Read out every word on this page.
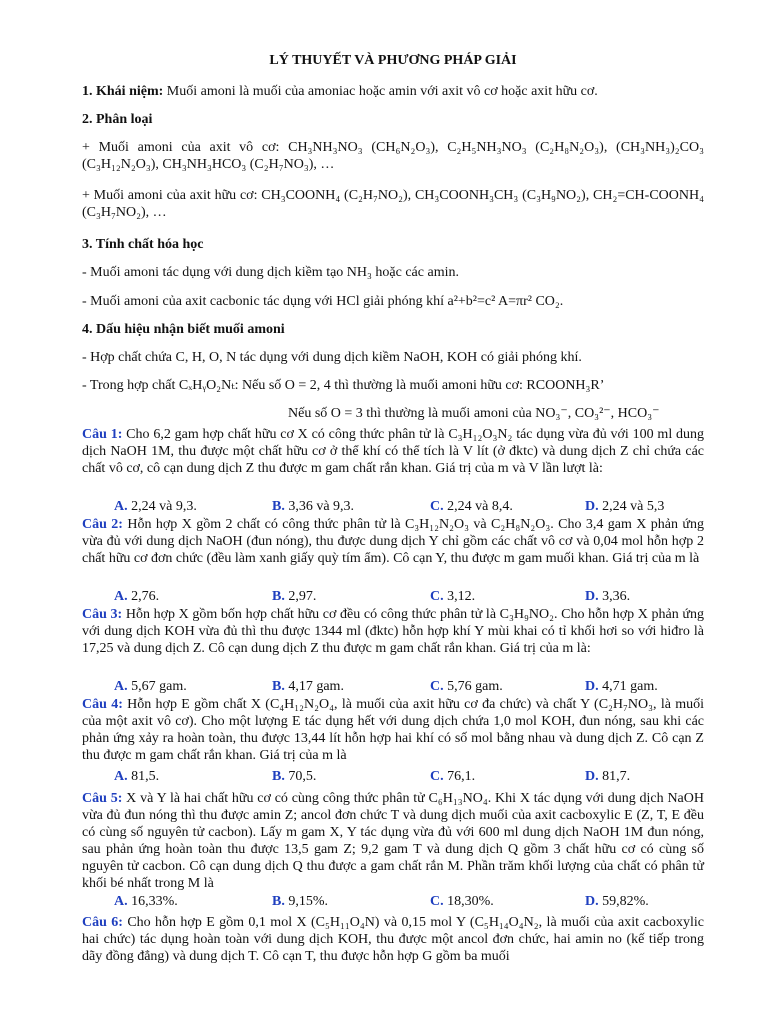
LÝ THUYẾT VÀ PHƯƠNG PHÁP GIẢI
1. Khái niệm: Muối amoni là muối của amoniac hoặc amin với axit vô cơ hoặc axit hữu cơ.
2. Phân loại
+ Muối amoni của axit vô cơ: CH₃NH₃NO₃ (CH₆N₂O₃), C₂H₅NH₃NO₃ (C₂H₈N₂O₃), (CH₃NH₃)₂CO₃ (C₃H₁₂N₂O₃), CH₃NH₃HCO₃ (C₂H₇NO₃), …
+ Muối amoni của axit hữu cơ: CH₃COONH₄ (C₂H₇NO₂), CH₃COONH₃CH₃ (C₃H₉NO₂), CH₂=CH-COONH₄ (C₃H₇NO₂), …
3. Tính chất hóa học
- Muối amoni tác dụng với dung dịch kiềm tạo NH₃ hoặc các amin.
- Muối amoni của axit cacbonic tác dụng với HCl giải phóng khí a²+b²=c² A=πr² CO₂.
4. Dấu hiệu nhận biết muối amoni
- Hợp chất chứa C, H, O, N tác dụng với dung dịch kiềm NaOH, KOH có giải phóng khí.
- Trong hợp chất CₓHᵧO₂Nₜ: Nếu số O = 2, 4 thì thường là muối amoni hữu cơ: RCOONH₃R’
Nếu số O = 3 thì thường là muối amoni của NO₃⁻, CO₃²⁻, HCO₃⁻
Câu 1: Cho 6,2 gam hợp chất hữu cơ X có công thức phân tử là C₃H₁₂O₃N₂ tác dụng vừa đủ với 100 ml dung dịch NaOH 1M, thu được một chất hữu cơ ở thể khí có thể tích là V lít (ở đktc) và dung dịch Z chỉ chứa các chất vô cơ, cô cạn dung dịch Z thu được m gam chất rắn khan. Giá trị của m và V lần lượt là:
A. 2,24 và 9,3.	B. 3,36 và 9,3.	C. 2,24 và 8,4.	D. 2,24 và 5,3
Câu 2: Hỗn hợp X gồm 2 chất có công thức phân tử là C₃H₁₂N₂O₃ và C₂H₈N₂O₃. Cho 3,4 gam X phản ứng vừa đủ với dung dịch NaOH (đun nóng), thu được dung dịch Y chỉ gồm các chất vô cơ và 0,04 mol hỗn hợp 2 chất hữu cơ đơn chức (đều làm xanh giấy quỳ tím ẩm). Cô cạn Y, thu được m gam muối khan. Giá trị của m là
A. 2,76.	B. 2,97.	C. 3,12.	D. 3,36.
Câu 3: Hỗn hợp X gồm bốn hợp chất hữu cơ đều có công thức phân tử là C₃H₉NO₂. Cho hỗn hợp X phản ứng với dung dịch KOH vừa đủ thì thu được 1344 ml (đktc) hỗn hợp khí Y mùi khai có tỉ khối hơi so với hiđro là 17,25 và dung dịch Z. Cô cạn dung dịch Z thu được m gam chất rắn khan. Giá trị của m là:
A. 5,67 gam.	B. 4,17 gam.	C. 5,76 gam.	D. 4,71 gam.
Câu 4: Hỗn hợp E gồm chất X (C₄H₁₂N₂O₄, là muối của axit hữu cơ đa chức) và chất Y (C₂H₇NO₃, là muối của một axit vô cơ). Cho một lượng E tác dụng hết với dung dịch chứa 1,0 mol KOH, đun nóng, sau khi các phản ứng xảy ra hoàn toàn, thu được 13,44 lít hỗn hợp hai khí có số mol bằng nhau và dung dịch Z. Cô cạn Z thu được m gam chất rắn khan. Giá trị của m là
A. 81,5.	B. 70,5.	C. 76,1.	D. 81,7.
Câu 5: X và Y là hai chất hữu cơ có cùng công thức phân tử C₆H₁₃NO₄. Khi X tác dụng với dung dịch NaOH vừa đủ đun nóng thì thu được amin Z; ancol đơn chức T và dung dịch muối của axit cacboxylic E (Z, T, E đều có cùng số nguyên tử cacbon). Lấy m gam X, Y tác dụng vừa đủ với 600 ml dung dịch NaOH 1M đun nóng, sau phản ứng hoàn toàn thu được 13,5 gam Z; 9,2 gam T và dung dịch Q gồm 3 chất hữu cơ có cùng số nguyên tử cacbon. Cô cạn dung dịch Q thu được a gam chất rắn M. Phần trăm khối lượng của chất có phân tử khối bé nhất trong M là
A. 16,33%.	B. 9,15%.	C. 18,30%.	D. 59,82%.
Câu 6: Cho hỗn hợp E gồm 0,1 mol X (C₅H₁₁O₄N) và 0,15 mol Y (C₅H₁₄O₄N₂, là muối của axit cacboxylic hai chức) tác dụng hoàn toàn với dung dịch KOH, thu được một ancol đơn chức, hai amin no (kế tiếp trong dãy đồng đẳng) và dung dịch T. Cô cạn T, thu được hỗn hợp G gồm ba muối
